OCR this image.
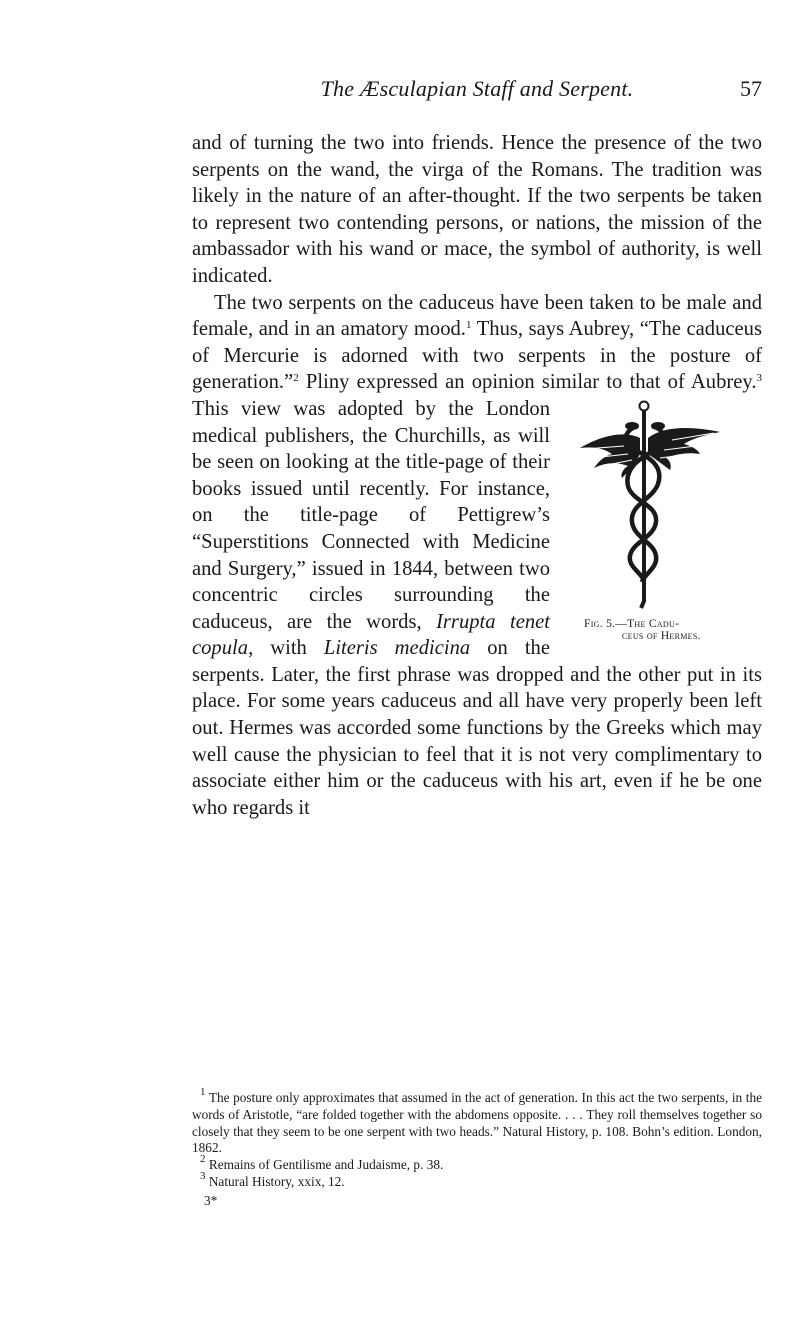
The Æsculapian Staff and Serpent.	57

and of turning the two into friends. Hence the presence of the two serpents on the wand, the virga of the Romans. The tradition was likely in the nature of an after-thought. If the two serpents be taken to represent two contending persons, or nations, the mission of the ambassador with his wand or mace, the symbol of authority, is well indicated.

The two serpents on the caduceus have been taken to be male and female, and in an amatory mood.$^1$ Thus, says Aubrey, “The caduceus of Mercurie is adorned with two serpents in the posture of generation.”$^2$ Pliny expressed an opinion similar to that of Aubrey.$^3$
Fig. 5.—The Cadu-
ceus of Hermes.
This view was adopted by the London medical publishers, the Churchills, as will be seen on looking at the title-page of their books issued until recently. For instance, on the title-page of Pettigrew’s “Superstitions Connected with Medicine and Surgery,” issued in 1844, between two concentric circles surrounding the caduceus, are the words, Irrupta tenet copula, with Literis medicina on the serpents. Later, the first phrase was dropped and the other put in its place. For some years caduceus and all have very properly been left out. Hermes was accorded some functions by the Greeks which may well cause the physician to feel that it is not very complimentary to associate either him or the caduceus with his art, even if he be one who regards it

$^1$ The posture only approximates that assumed in the act of generation. In this act the two serpents, in the words of Aristotle, “are folded together with the abdomens opposite. . . . They roll themselves together so closely that they seem to be one serpent with two heads.” Natural History, p. 108. Bohn’s edition. London, 1862.

$^2$ Remains of Gentilisme and Judaisme, p. 38.

$^3$ Natural History, xxix, 12.

3*
